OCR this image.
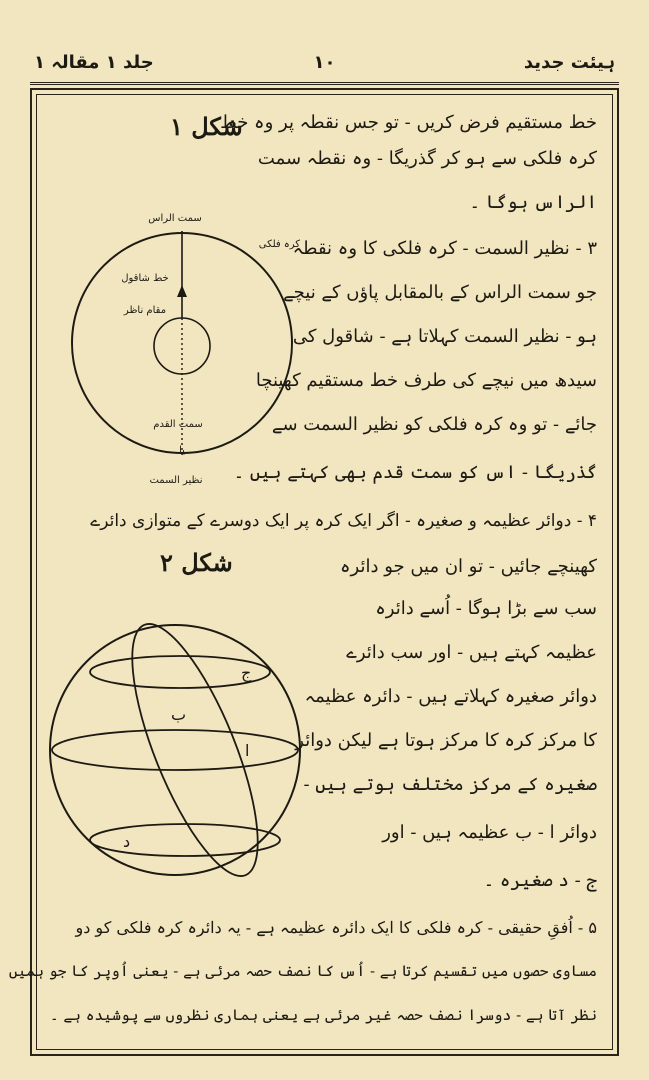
ہیئت جدید
۱۰
جلد ۱ مقالہ ۱
شکل ۱
سمت الراس
کرہ فلکی
خط شاقول
مقام ناظر
سمت القدم
یا
نظیر السمت
شکل ۲
ج
ب
ا
د
خط مستقیم فرض کریں - تو جس نقطہ پر وہ خط
کرہ فلکی سے ہو کر گذریگا - وہ نقطہ سمت
الراس ہوگا ۔
۳ - نظیر السمت - کرہ فلکی کا وہ نقطہ
جو سمت الراس کے بالمقابل پاؤں کے نیچے
ہو - نظیر السمت کہلاتا ہے - شاقول کی
سیدھ میں نیچے کی طرف خط مستقیم کھینچا
جائے - تو وہ کرہ فلکی کو نظیر السمت سے
گذریگا - اس کو سمت قدم بھی کہتے ہیں ۔
۴ - دوائر عظیمہ و صغیرہ - اگر ایک کرہ پر ایک دوسرے کے متوازی دائرے
کھینچے جائیں - تو ان میں جو دائرہ
سب سے بڑا ہوگا - اُسے دائرہ
عظیمہ کہتے ہیں - اور سب دائرے
دوائر صغیرہ کہلاتے ہیں - دائرہ عظیمہ
کا مرکز کرہ کا مرکز ہوتا ہے لیکن دوائر
صغیرہ کے مرکز مختلف ہوتے ہیں -
دوائر ا - ب عظیمہ ہیں - اور
ج - د صغیرہ ۔
۵ - اُفقِ حقیقی - کرہ فلکی کا ایک دائرہ عظیمہ ہے - یہ دائرہ کرہ فلکی کو دو
مساوی حصوں میں تقسیم کرتا ہے - اُس کا نصف حصہ مرئی ہے - یعنی اُوپر کا جو ہمیں
نظر آتا ہے - دوسرا نصف حصہ غیر مرئی ہے یعنی ہماری نظروں سے پوشیدہ ہے ۔
